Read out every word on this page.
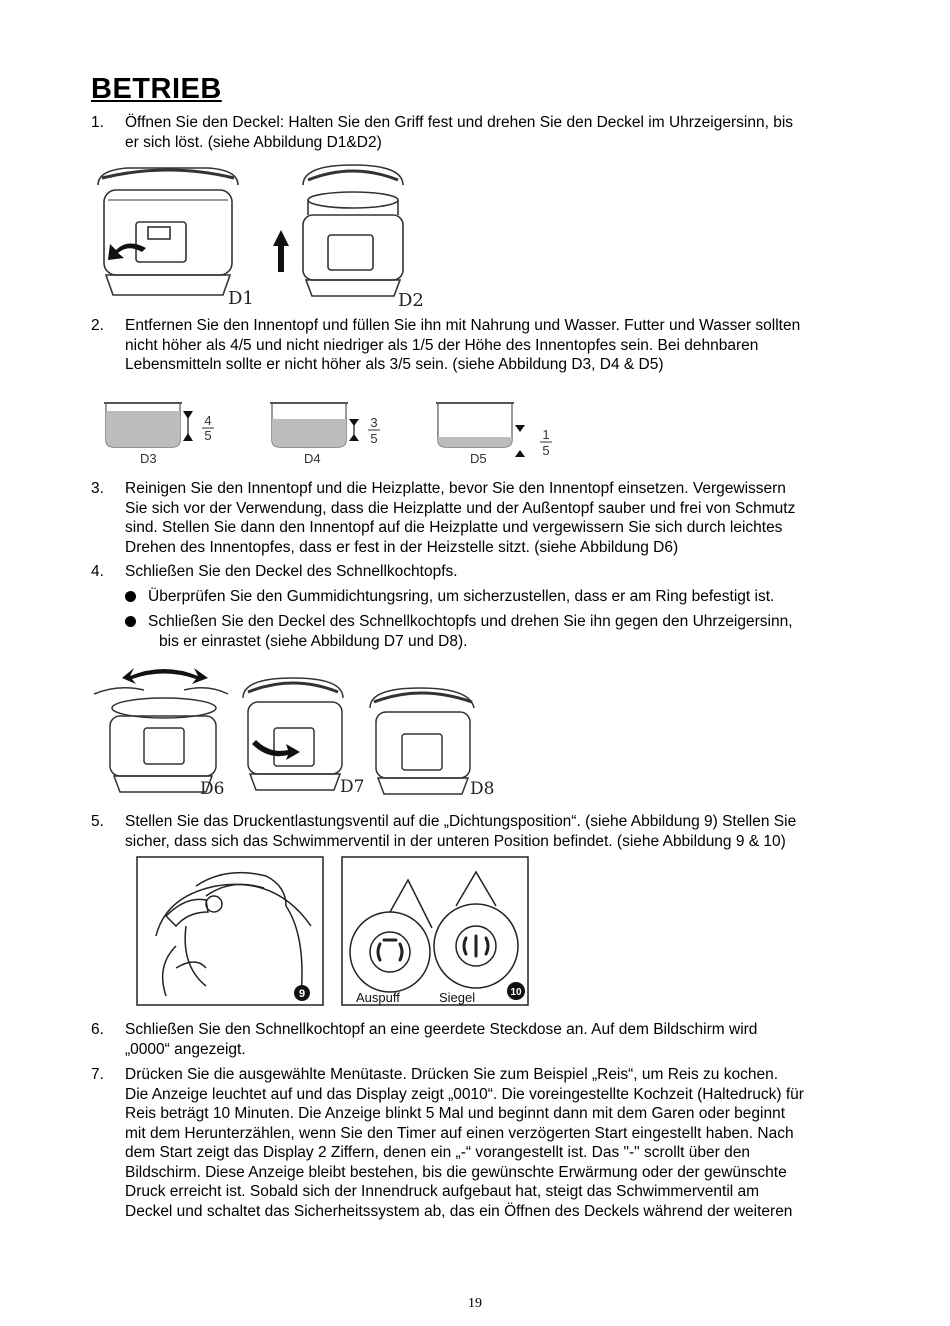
BETRIEB
1. Öffnen Sie den Deckel: Halten Sie den Griff fest und drehen Sie den Deckel im Uhrzeigersinn, bis
er sich löst. (siehe Abbildung D1&D2)
D1	D2
2. Entfernen Sie den Innentopf und füllen Sie ihn mit Nahrung und Wasser. Futter und Wasser sollten
nicht höher als 4/5 und nicht niedriger als 1/5 der Höhe des Innentopfes sein. Bei dehnbaren
Lebensmitteln sollte er nicht höher als 3/5 sein. (siehe Abbildung D3, D4 & D5)
4
5
D3
3
5
D4
1
5
D5
3. Reinigen Sie den Innentopf und die Heizplatte, bevor Sie den Innentopf einsetzen. Vergewissern
Sie sich vor der Verwendung, dass die Heizplatte und der Außentopf sauber und frei von Schmutz
sind. Stellen Sie dann den Innentopf auf die Heizplatte und vergewissern Sie sich durch leichtes
Drehen des Innentopfes, dass er fest in der Heizstelle sitzt. (siehe Abbildung D6)
4. Schließen Sie den Deckel des Schnellkochtopfs.
Überprüfen Sie den Gummidichtungsring, um sicherzustellen, dass er am Ring befestigt ist.
Schließen Sie den Deckel des Schnellkochtopfs und drehen Sie ihn gegen den Uhrzeigersinn,
bis er einrastet (siehe Abbildung D7 und D8).
D6	D7	D8
5. Stellen Sie das Druckentlastungsventil auf die „Dichtungsposition“. (siehe Abbildung 9) Stellen Sie
sicher, dass sich das Schwimmerventil in der unteren Position befindet. (siehe Abbildung 9 & 10)
9	Auspuff	Siegel	10
6. Schließen Sie den Schnellkochtopf an eine geerdete Steckdose an. Auf dem Bildschirm wird
„0000“ angezeigt.
7. Drücken Sie die ausgewählte Menütaste. Drücken Sie zum Beispiel „Reis“, um Reis zu kochen.
Die Anzeige leuchtet auf und das Display zeigt „0010“. Die voreingestellte Kochzeit (Haltedruck) für
Reis beträgt 10 Minuten. Die Anzeige blinkt 5 Mal und beginnt dann mit dem Garen oder beginnt
mit dem Herunterzählen, wenn Sie den Timer auf einen verzögerten Start eingestellt haben. Nach
dem Start zeigt das Display 2 Ziffern, denen ein „-“ vorangestellt ist. Das "-" scrollt über den
Bildschirm. Diese Anzeige bleibt bestehen, bis die gewünschte Erwärmung oder der gewünschte
Druck erreicht ist. Sobald sich der Innendruck aufgebaut hat, steigt das Schwimmerventil am
Deckel und schaltet das Sicherheitssystem ab, das ein Öffnen des Deckels während der weiteren
19
